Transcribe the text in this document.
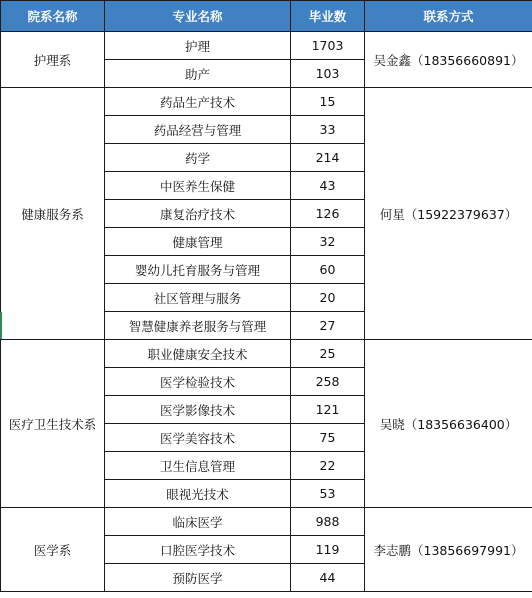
院系名称	专业名称	毕业数	联系方式
护理系	护理	1703	吴金鑫（18356660891）
	助产	103	
健康服务系	药品生产技术	15	何星（15922379637）
	药品经营与管理	33	
	药学	214	
	中医养生保健	43	
	康复治疗技术	126	
	健康管理	32	
	婴幼儿托育服务与管理	60	
	社区管理与服务	20	
	智慧健康养老服务与管理	27	
医疗卫生技术系	职业健康安全技术	25	吴晓（18356636400）
	医学检验技术	258	
	医学影像技术	121	
	医学美容技术	75	
	卫生信息管理	22	
	眼视光技术	53	
医学系	临床医学	988	李志鹏（13856697991）
	口腔医学技术	119	
	预防医学	44	
